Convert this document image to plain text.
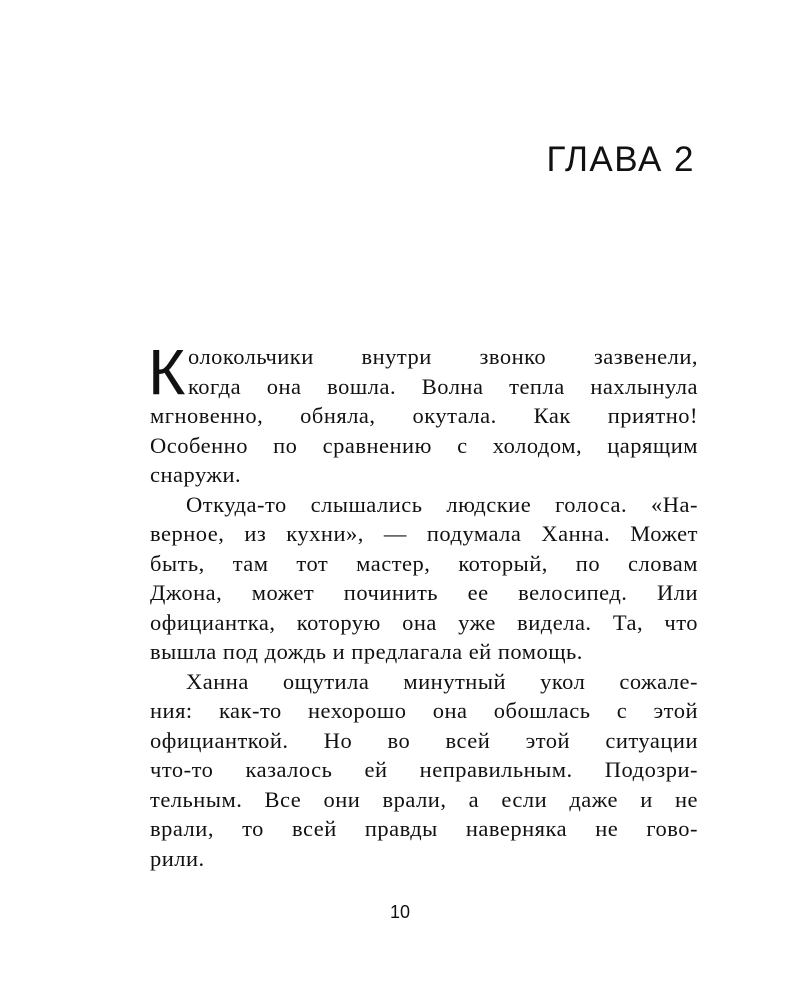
ГЛАВА 2
К олокольчики внутри звонко зазвенели,
когда она вошла. Волна тепла нахлынула
мгновенно, обняла, окутала. Как приятно!
Особенно по сравнению с холодом, царящим
снаружи.
Откуда-то слышались людские голоса. «На-
верное, из кухни», — подумала Ханна. Может
быть, там тот мастер, который, по словам
Джона, может починить ее велосипед. Или
официантка, которую она уже видела. Та, что
вышла под дождь и предлагала ей помощь.
Ханна ощутила минутный укол сожале-
ния: как-то нехорошо она обошлась с этой
официанткой. Но во всей этой ситуации
что-то казалось ей неправильным. Подозри-
тельным. Все они врали, а если даже и не
врали, то всей правды наверняка не гово-
рили.
10
